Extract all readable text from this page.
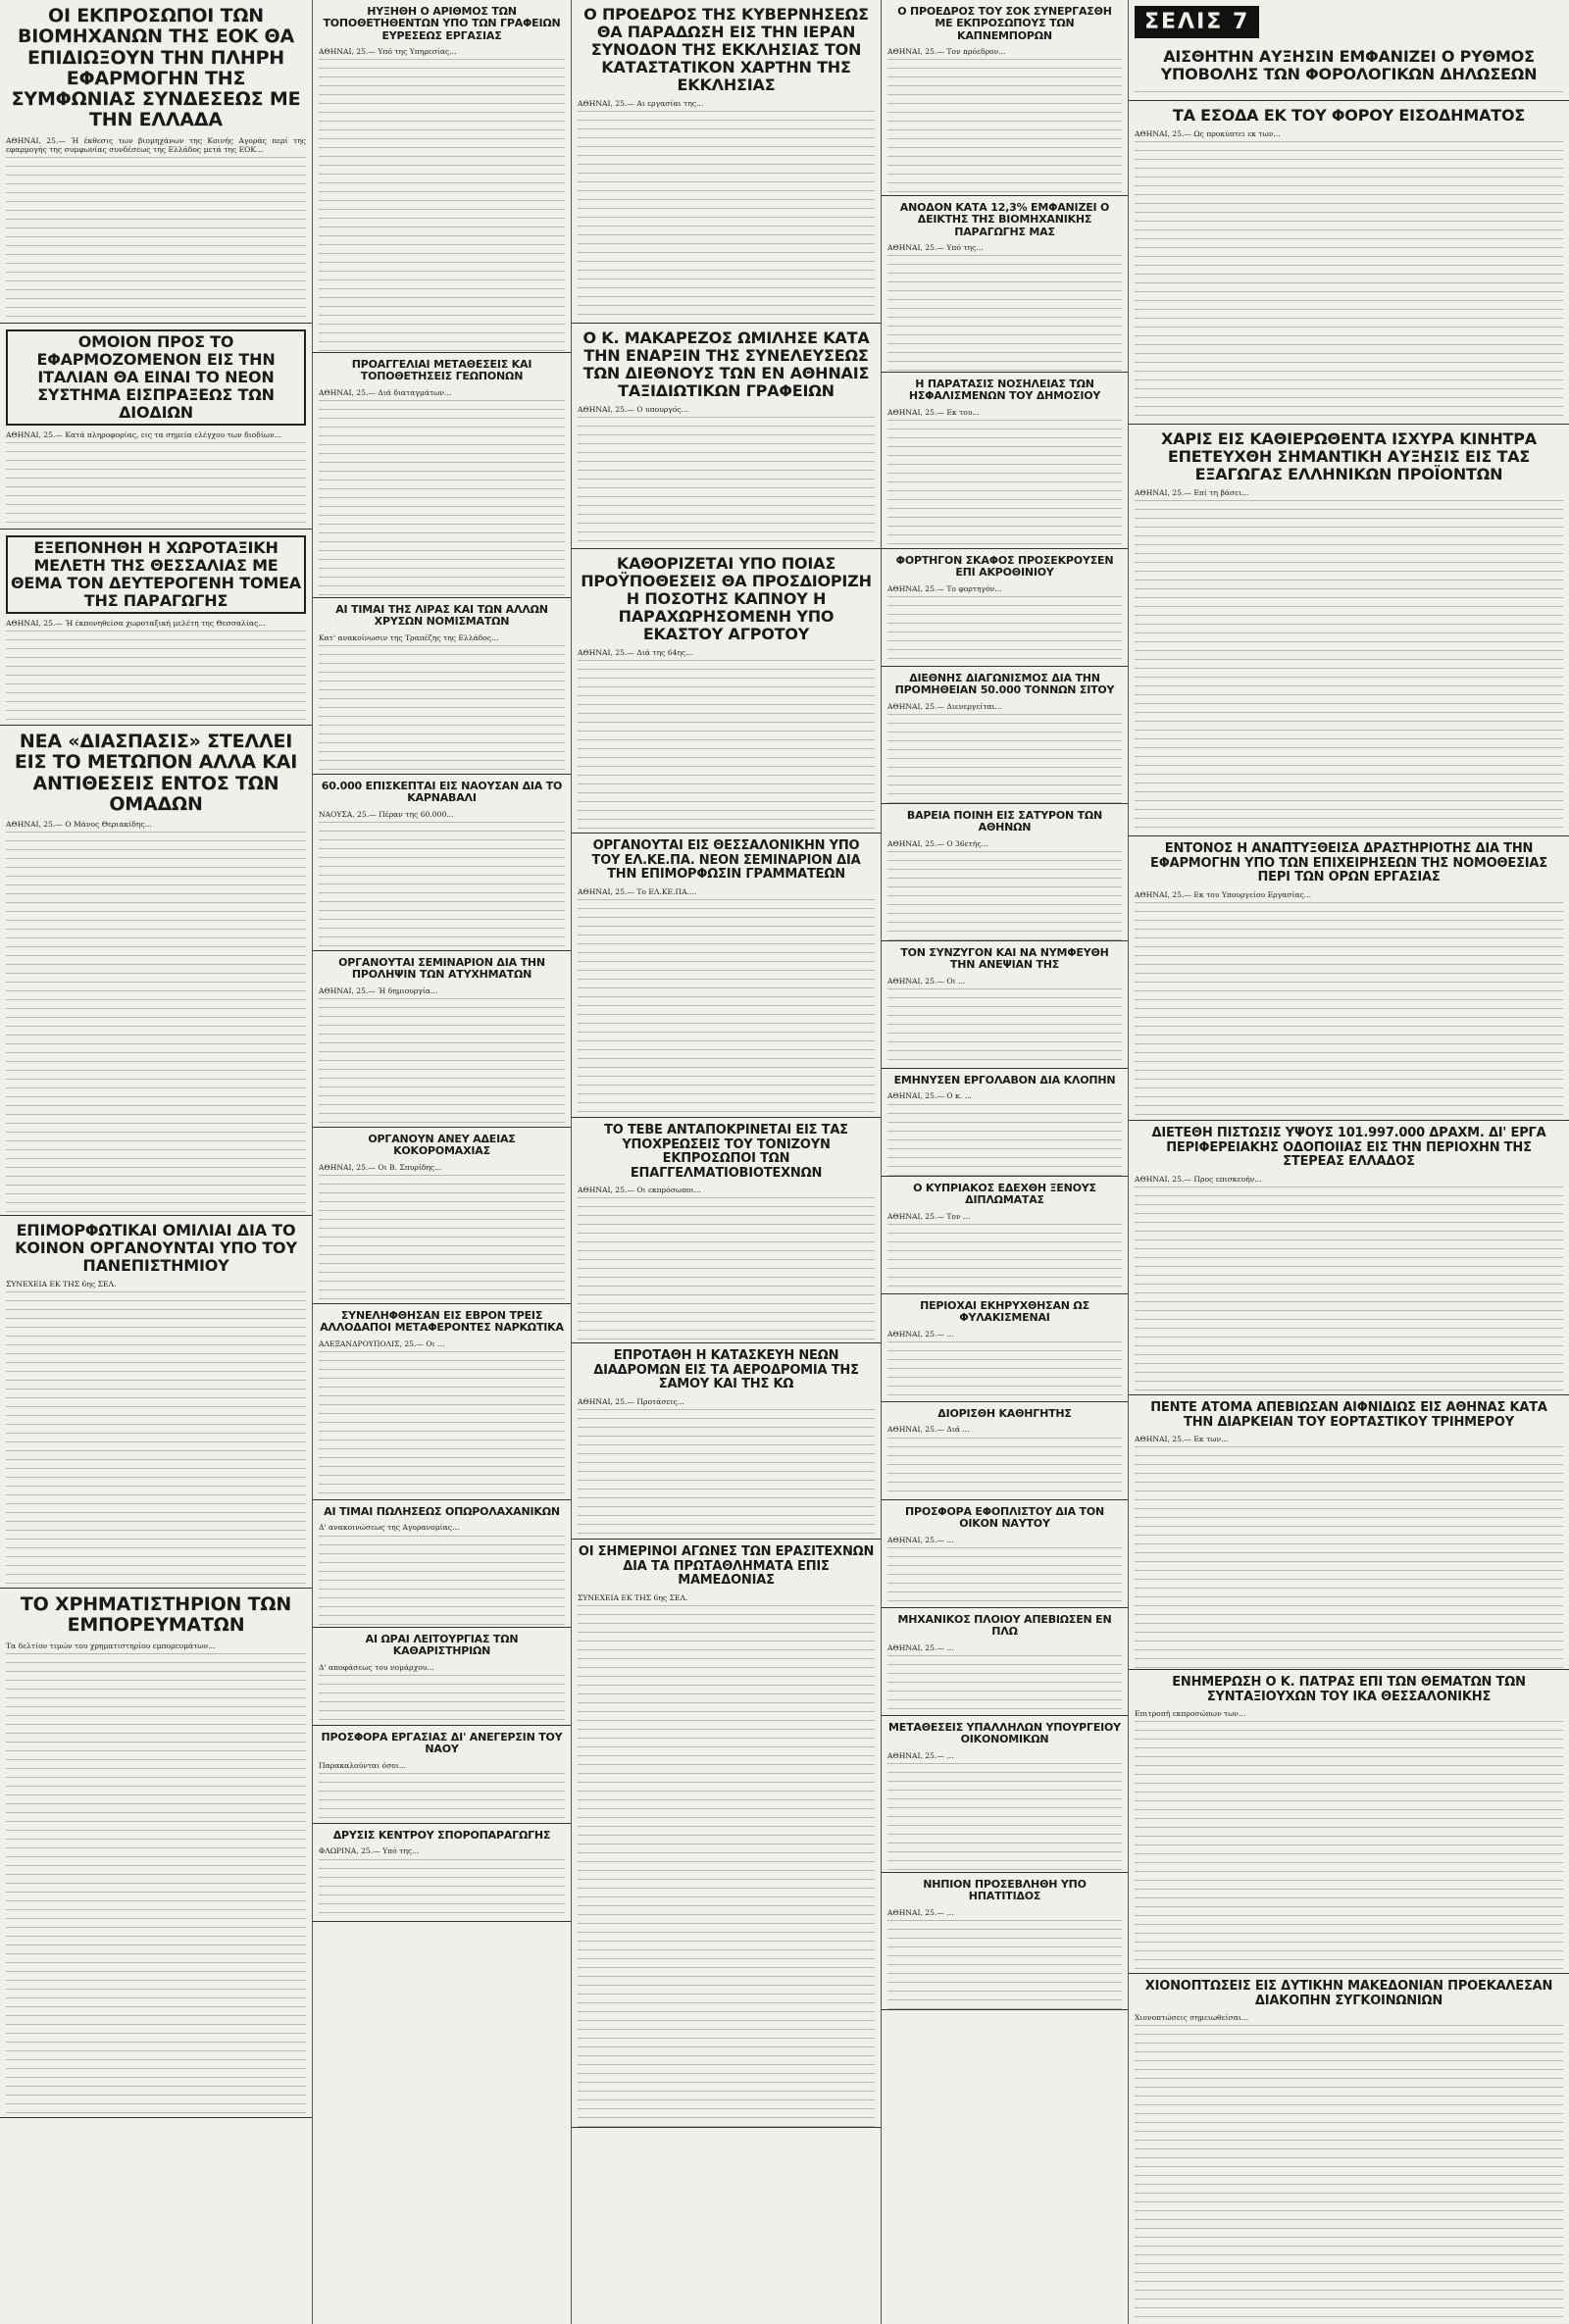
ΟΙ ΕΚΠΡΟΣΩΠΟΙ ΤΩΝ ΒΙΟΜΗΧΑΝΩΝ ΤΗΣ ΕΟΚ ΘΑ ΕΠΙΔΙΩΞΟΥΝ ΤΗΝ ΠΛΗΡΗ ΕΦΑΡΜΟΓΗΝ ΤΗΣ ΣΥΜΦΩΝΙΑΣ ΣΥΝΔΕΣΕΩΣ ΜΕ ΤΗΝ ΕΛΛΑΔΑ

ΑΘΗΝΑΙ, 25.— Ή έκθεσις των βιομηχάνων της Κοινής Αγοράς περί της εφαρμογής της συμφωνίας συνδέσεως της Ελλάδος μετά της ΕΟΚ...

ΟΜΟΙΟΝ ΠΡΟΣ ΤΟ ΕΦΑΡΜΟΖΟΜΕΝΟΝ ΕΙΣ ΤΗΝ ΙΤΑΛΙΑΝ ΘΑ ΕΙΝΑΙ ΤΟ ΝΕΟΝ ΣΥΣΤΗΜΑ ΕΙΣΠΡΑΞΕΩΣ ΤΩΝ ΔΙΟΔΙΩΝ

ΑΘΗΝΑΙ, 25.— Κατά πληροφορίας, εις τα σημεία ελέγχου των διοδίων...

ΕΞΕΠΟΝΗΘΗ Η ΧΩΡΟΤΑΞΙΚΗ ΜΕΛΕΤΗ ΤΗΣ ΘΕΣΣΑΛΙΑΣ ΜΕ ΘΕΜΑ ΤΟΝ ΔΕΥΤΕΡΟΓΕΝΗ ΤΟΜΕΑ ΤΗΣ ΠΑΡΑΓΩΓΗΣ

ΑΘΗΝΑΙ, 25.— Ή έκπονηθείσα χωροταξική μελέτη της Θεσσαλίας...

ΝΕΑ «ΔΙΑΣΠΑΣΙΣ» ΣΤΕΛΛΕΙ ΕΙΣ ΤΟ ΜΕΤΩΠΟΝ ΑΛΛΑ ΚΑΙ ΑΝΤΙΘΕΣΕΙΣ ΕΝΤΟΣ ΤΩΝ ΟΜΑΔΩΝ

ΑΘΗΝΑΙ, 25.— Ο Μάνος Θεριακίδης...

ΕΠΙΜΟΡΦΩΤΙΚΑΙ ΟΜΙΛΙΑΙ ΔΙΑ ΤΟ ΚΟΙΝΟΝ ΟΡΓΑΝΟΥΝΤΑΙ ΥΠΟ ΤΟΥ ΠΑΝΕΠΙΣΤΗΜΙΟΥ

ΣΥΝΕΧΕΙΑ ΕΚ ΤΗΣ 6ης ΣΕΛ.

ΤΟ ΧΡΗΜΑΤΙΣΤΗΡΙΟΝ ΤΩΝ ΕΜΠΟΡΕΥΜΑΤΩΝ

Τα δελτίον τιμών του χρηματιστηρίου εμπορευμάτων...

ΗΥΞΗΘΗ Ο ΑΡΙΘΜΟΣ ΤΩΝ ΤΟΠΟΘΕΤΗΘΕΝΤΩΝ ΥΠΟ ΤΩΝ ΓΡΑΦΕΙΩΝ ΕΥΡΕΣΕΩΣ ΕΡΓΑΣΙΑΣ

ΑΘΗΝΑΙ, 25.— Υπό της Υπηρεσίας...

ΠΡΟΑΓΓΕΛΙΑΙ ΜΕΤΑΘΕΣΕΙΣ ΚΑΙ ΤΟΠΟΘΕΤΗΣΕΙΣ ΓΕΩΠΟΝΩΝ

ΑΘΗΝΑΙ, 25.— Διά διαταγμάτων...

ΑΙ ΤΙΜΑΙ ΤΗΣ ΛΙΡΑΣ ΚΑΙ ΤΩΝ ΑΛΛΩΝ ΧΡΥΣΩΝ ΝΟΜΙΣΜΑΤΩΝ

Κατ' ανακοίνωσιν της Τραπέζης της Ελλάδος...

60.000 ΕΠΙΣΚΕΠΤΑΙ ΕΙΣ ΝΑΟΥΣΑΝ ΔΙΑ ΤΟ ΚΑΡΝΑΒΑΛΙ

ΝΑΟΥΣΑ, 25.— Πέραν της 60.000...

ΟΡΓΑΝΟΥΤΑΙ ΣΕΜΙΝΑΡΙΟΝ ΔΙΑ ΤΗΝ ΠΡΟΛΗΨΙΝ ΤΩΝ ΑΤΥΧΗΜΑΤΩΝ

ΑΘΗΝΑΙ, 25.— Ή δημιουργία...

ΟΡΓΑΝΟΥΝ ΑΝΕΥ ΑΔΕΙΑΣ ΚΟΚΟΡΟΜΑΧΙΑΣ

ΑΘΗΝΑΙ, 25.— Οι Β. Σπυρίδης...

ΣΥΝΕΛΗΦΘΗΣΑΝ ΕΙΣ ΕΒΡΟΝ ΤΡΕΙΣ ΑΛΛΟΔΑΠΟΙ ΜΕΤΑΦΕΡΟΝΤΕΣ ΝΑΡΚΩΤΙΚΑ

ΑΛΕΞΑΝΔΡΟΥΠΟΛΙΣ, 25.— Οι ...

ΑΙ ΤΙΜΑΙ ΠΩΛΗΣΕΩΣ ΟΠΩΡΟΛΑΧΑΝΙΚΩΝ

Δ' ανακοινώσεως της Αγορανομίας...

ΑΙ ΩΡΑΙ ΛΕΙΤΟΥΡΓΙΑΣ ΤΩΝ ΚΑΘΑΡΙΣΤΗΡΙΩΝ

Δ' αποφάσεως του νομάρχου...

ΠΡΟΣΦΟΡΑ ΕΡΓΑΣΙΑΣ ΔΙ' ΑΝΕΓΕΡΣΙΝ ΤΟΥ ΝΑΟΥ

Παρακαλούνται όσοι...

ΔΡΥΣΙΣ ΚΕΝΤΡΟΥ ΣΠΟΡΟΠΑΡΑΓΩΓΗΣ

ΦΛΩΡΙΝΑ, 25.— Υπό της...

Ο ΠΡΟΕΔΡΟΣ ΤΗΣ ΚΥΒΕΡΝΗΣΕΩΣ ΘΑ ΠΑΡΑΔΩΣΗ ΕΙΣ ΤΗΝ ΙΕΡΑΝ ΣΥΝΟΔΟΝ ΤΗΣ ΕΚΚΛΗΣΙΑΣ ΤΟΝ ΚΑΤΑΣΤΑΤΙΚΟΝ ΧΑΡΤΗΝ ΤΗΣ ΕΚΚΛΗΣΙΑΣ

ΑΘΗΝΑΙ, 25.— Αι εργασίαι της...

Ο Κ. ΜΑΚΑΡΕΖΟΣ ΩΜΙΛΗΣΕ ΚΑΤΑ ΤΗΝ ΕΝΑΡΞΙΝ ΤΗΣ ΣΥΝΕΛΕΥΣΕΩΣ ΤΩΝ ΔΙΕΘΝΟΥΣ ΤΩΝ ΕΝ ΑΘΗΝΑΙΣ ΤΑΞΙΔΙΩΤΙΚΩΝ ΓΡΑΦΕΙΩΝ

ΑΘΗΝΑΙ, 25.— Ο υπουργός...

ΚΑΘΟΡΙΖΕΤΑΙ ΥΠΟ ΠΟΙΑΣ ΠΡΟΫΠΟΘΕΣΕΙΣ ΘΑ ΠΡΟΣΔΙΟΡΙΖΗ Η ΠΟΣΟΤΗΣ ΚΑΠΝΟΥ Η ΠΑΡΑΧΩΡΗΣΟΜΕΝΗ ΥΠΟ ΕΚΑΣΤΟΥ ΑΓΡΟΤΟΥ

ΑΘΗΝΑΙ, 25.— Διά της 64ης...

ΟΡΓΑΝΟΥΤΑΙ ΕΙΣ ΘΕΣΣΑΛΟΝΙΚΗΝ ΥΠΟ ΤΟΥ ΕΛ.ΚΕ.ΠΑ. ΝΕΟΝ ΣΕΜΙΝΑΡΙΟΝ ΔΙΑ ΤΗΝ ΕΠΙΜΟΡΦΩΣΙΝ ΓΡΑΜΜΑΤΕΩΝ

ΑΘΗΝΑΙ, 25.— Το ΕΛ.ΚΕ.ΠΑ....

ΤΟ ΤΕΒΕ ΑΝΤΑΠΟΚΡΙΝΕΤΑΙ ΕΙΣ ΤΑΣ ΥΠΟΧΡΕΩΣΕΙΣ ΤΟΥ ΤΟΝΙΖΟΥΝ ΕΚΠΡΟΣΩΠΟΙ ΤΩΝ ΕΠΑΓΓΕΛΜΑΤΙΟΒΙΟΤΕΧΝΩΝ

ΑΘΗΝΑΙ, 25.— Οι εκπρόσωποι...

ΕΠΡΟΤΑΘΗ Η ΚΑΤΑΣΚΕΥΗ ΝΕΩΝ ΔΙΑΔΡΟΜΩΝ ΕΙΣ ΤΑ ΑΕΡΟΔΡΟΜΙΑ ΤΗΣ ΣΑΜΟΥ ΚΑΙ ΤΗΣ ΚΩ

ΑΘΗΝΑΙ, 25.— Προτάσεις...

ΟΙ ΣΗΜΕΡΙΝΟΙ ΑΓΩΝΕΣ ΤΩΝ ΕΡΑΣΙΤΕΧΝΩΝ ΔΙΑ ΤΑ ΠΡΩΤΑΘΛΗΜΑΤΑ ΕΠΙΣ ΜΑΜΕΔΟΝΙΑΣ

ΣΥΝΕΧΕΙΑ ΕΚ ΤΗΣ 6ης ΣΕΛ.

Ο ΠΡΟΕΔΡΟΣ ΤΟΥ ΣΟΚ ΣΥΝΕΡΓΑΣΘΗ ΜΕ ΕΚΠΡΟΣΩΠΟΥΣ ΤΩΝ ΚΑΠΝΕΜΠΟΡΩΝ

ΑΘΗΝΑΙ, 25.— Τον πρόεδρον...

ΑΝΟΔΟΝ ΚΑΤΑ 12,3% ΕΜΦΑΝΙΖΕΙ Ο ΔΕΙΚΤΗΣ ΤΗΣ ΒΙΟΜΗΧΑΝΙΚΗΣ ΠΑΡΑΓΩΓΗΣ ΜΑΣ

ΑΘΗΝΑΙ, 25.— Υπό της...

Η ΠΑΡΑΤΑΣΙΣ ΝΟΣΗΛΕΙΑΣ ΤΩΝ ΗΣΦΑΛΙΣΜΕΝΩΝ ΤΟΥ ΔΗΜΟΣΙΟΥ

ΑΘΗΝΑΙ, 25.— Εκ του...

ΦΟΡΤΗΓΟΝ ΣΚΑΦΟΣ ΠΡΟΣΕΚΡΟΥΣΕΝ ΕΠΙ ΑΚΡΟΘΙΝΙΟΥ

ΑΘΗΝΑΙ, 25.— Το φορτηγόν...

ΔΙΕΘΝΗΣ ΔΙΑΓΩΝΙΣΜΟΣ ΔΙΑ ΤΗΝ ΠΡΟΜΗΘΕΙΑΝ 50.000 ΤΟΝΝΩΝ ΣΙΤΟΥ

ΑΘΗΝΑΙ, 25.— Διενεργείται...

ΒΑΡΕΙΑ ΠΟΙΝΗ ΕΙΣ ΣΑΤΥΡΟΝ ΤΩΝ ΑΘΗΝΩΝ

ΑΘΗΝΑΙ, 25.— Ο 36ετής...

ΤΟΝ ΣΥΝΖΥΓΟΝ ΚΑΙ ΝΑ ΝΥΜΦΕΥΘΗ ΤΗΝ ΑΝΕΨΙΑΝ ΤΗΣ

ΑΘΗΝΑΙ, 25.— Οι ...

ΕΜΗΝΥΣΕΝ ΕΡΓΟΛΑΒΟΝ ΔΙΑ ΚΛΟΠΗΝ

ΑΘΗΝΑΙ, 25.— Ο κ. ...

Ο ΚΥΠΡΙΑΚΟΣ ΕΔΕΧΘΗ ΞΕΝΟΥΣ ΔΙΠΛΩΜΑΤΑΣ

ΑΘΗΝΑΙ, 25.— Τον ...

ΠΕΡΙΟΧΑΙ ΕΚΗΡΥΧΘΗΣΑΝ ΩΣ ΦΥΛΑΚΙΣΜΕΝΑΙ

ΑΘΗΝΑΙ, 25.— ...

ΔΙΟΡΙΣΘΗ ΚΑΘΗΓΗΤΗΣ

ΑΘΗΝΑΙ, 25.— Διά ...

ΠΡΟΣΦΟΡΑ ΕΦΟΠΛΙΣΤΟΥ ΔΙΑ ΤΟΝ ΟΙΚΟΝ ΝΑΥΤΟΥ

ΑΘΗΝΑΙ, 25.— ...

ΜΗΧΑΝΙΚΟΣ ΠΛΟΙΟΥ ΑΠΕΒΙΩΣΕΝ ΕΝ ΠΛΩ

ΑΘΗΝΑΙ, 25.— ...

ΜΕΤΑΘΕΣΕΙΣ ΥΠΑΛΛΗΛΩΝ ΥΠΟΥΡΓΕΙΟΥ ΟΙΚΟΝΟΜΙΚΩΝ

ΑΘΗΝΑΙ, 25.— ...

ΝΗΠΙΟΝ ΠΡΟΣΕΒΛΗΘΗ ΥΠΟ ΗΠΑΤΙΤΙΔΟΣ

ΑΘΗΝΑΙ, 25.— ...

ΣΕΛΙΣ 7
ΑΙΣΘΗΤΗΝ ΑΥΞΗΣΙΝ ΕΜΦΑΝΙΖΕΙ Ο ΡΥΘΜΟΣ ΥΠΟΒΟΛΗΣ ΤΩΝ ΦΟΡΟΛΟΓΙΚΩΝ ΔΗΛΩΣΕΩΝ
ΤΑ ΕΣΟΔΑ ΕΚ ΤΟΥ ΦΟΡΟΥ ΕΙΣΟΔΗΜΑΤΟΣ

ΑΘΗΝΑΙ, 25.— Ως προκύπτει εκ των...

ΧΑΡΙΣ ΕΙΣ ΚΑΘΙΕΡΩΘΕΝΤΑ ΙΣΧΥΡΑ ΚΙΝΗΤΡΑ ΕΠΕΤΕΥΧΘΗ ΣΗΜΑΝΤΙΚΗ ΑΥΞΗΣΙΣ ΕΙΣ ΤΑΣ ΕΞΑΓΩΓΑΣ ΕΛΛΗΝΙΚΩΝ ΠΡΟΪΟΝΤΩΝ

ΑΘΗΝΑΙ, 25.— Επί τη βάσει...

ΕΝΤΟΝΟΣ Η ΑΝΑΠΤΥΞΘΕΙΣΑ ΔΡΑΣΤΗΡΙΟΤΗΣ ΔΙΑ ΤΗΝ ΕΦΑΡΜΟΓΗΝ ΥΠΟ ΤΩΝ ΕΠΙΧΕΙΡΗΣΕΩΝ ΤΗΣ ΝΟΜΟΘΕΣΙΑΣ ΠΕΡΙ ΤΩΝ ΟΡΩΝ ΕΡΓΑΣΙΑΣ

ΑΘΗΝΑΙ, 25.— Εκ του Υπουργείου Εργασίας...

ΔΙΕΤΕΘΗ ΠΙΣΤΩΣΙΣ ΥΨΟΥΣ 101.997.000 ΔΡΑΧΜ. ΔΙ' ΕΡΓΑ ΠΕΡΙΦΕΡΕΙΑΚΗΣ ΟΔΟΠΟΙΙΑΣ ΕΙΣ ΤΗΝ ΠΕΡΙΟΧΗΝ ΤΗΣ ΣΤΕΡΕΑΣ ΕΛΛΑΔΟΣ

ΑΘΗΝΑΙ, 25.— Προς επισκευήν...

ΠΕΝΤΕ ΑΤΟΜΑ ΑΠΕΒΙΩΣΑΝ ΑΙΦΝΙΔΙΩΣ ΕΙΣ ΑΘΗΝΑΣ ΚΑΤΑ ΤΗΝ ΔΙΑΡΚΕΙΑΝ ΤΟΥ ΕΟΡΤΑΣΤΙΚΟΥ ΤΡΙΗΜΕΡΟΥ

ΑΘΗΝΑΙ, 25.— Εκ των...

ΕΝΗΜΕΡΩΣΗ Ο Κ. ΠΑΤΡΑΣ ΕΠΙ ΤΩΝ ΘΕΜΑΤΩΝ ΤΩΝ ΣΥΝΤΑΞΙΟΥΧΩΝ ΤΟΥ ΙΚΑ ΘΕΣΣΑΛΟΝΙΚΗΣ

Επιτροπή εκπροσώπων των...

ΧΙΟΝΟΠΤΩΣΕΙΣ ΕΙΣ ΔΥΤΙΚΗΝ ΜΑΚΕΔΟΝΙΑΝ ΠΡΟΕΚΑΛΕΣΑΝ ΔΙΑΚΟΠΗΝ ΣΥΓΚΟΙΝΩΝΙΩΝ

Χιονοπτώσεις σημειωθείσαι...
